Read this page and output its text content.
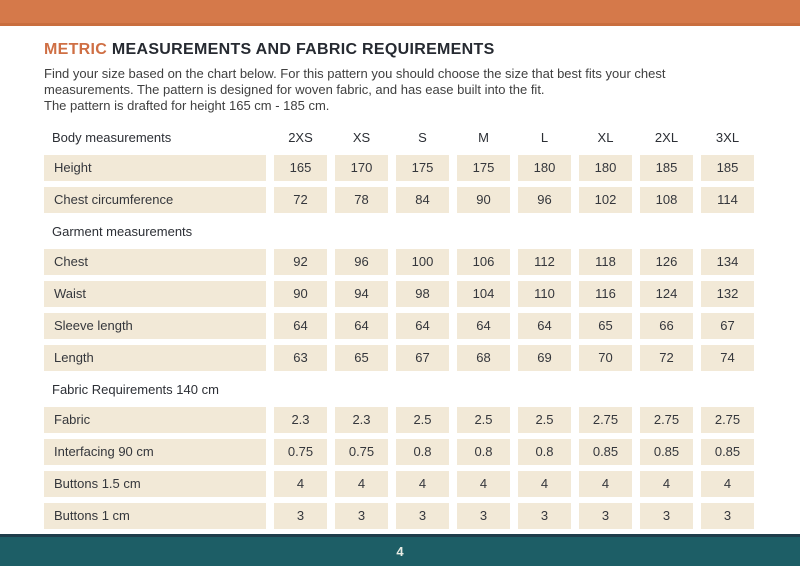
METRIC MEASUREMENTS AND FABRIC REQUIREMENTS
Find your size based on the chart below. For this pattern you should choose the size that best fits your chest
measurements. The pattern is designed for woven fabric, and has ease built into the fit.
The pattern is drafted for height 165 cm - 185 cm.
Body measurements	2XS	XS	S	M	L	XL	2XL	3XL
Height	165	170	175	175	180	180	185	185
Chest circumference	72	78	84	90	96	102	108	114
Garment measurements
Chest	92	96	100	106	112	118	126	134
Waist	90	94	98	104	110	116	124	132
Sleeve length	64	64	64	64	64	65	66	67
Length	63	65	67	68	69	70	72	74
Fabric Requirements 140 cm
Fabric	2.3	2.3	2.5	2.5	2.5	2.75	2.75	2.75
Interfacing 90 cm	0.75	0.75	0.8	0.8	0.8	0.85	0.85	0.85
Buttons 1.5 cm	4	4	4	4	4	4	4	4
Buttons 1 cm	3	3	3	3	3	3	3	3
4
